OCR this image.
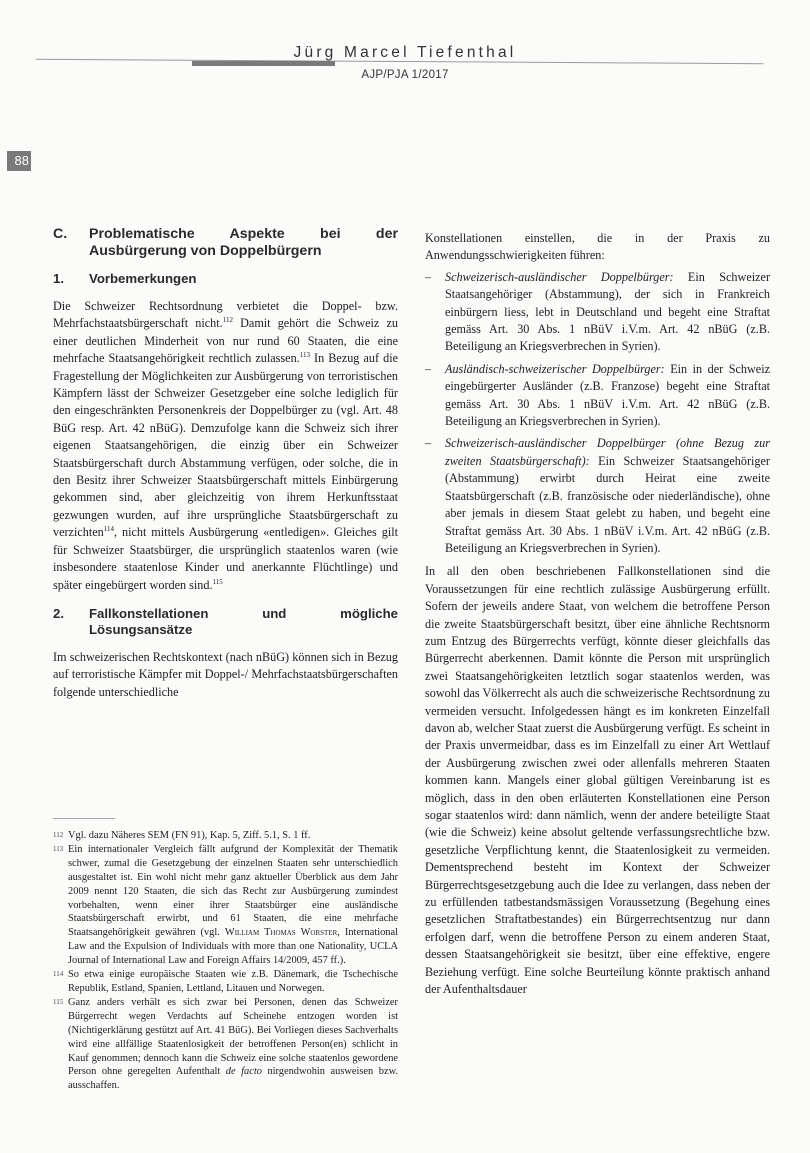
Jürg Marcel Tiefenthal
AJP/PJA 1/2017
88
C.	Problematische Aspekte bei der Ausbürgerung von Doppelbürgern
1.	Vorbemerkungen

Die Schweizer Rechtsordnung verbietet die Doppel- bzw. Mehrfachstaatsbürgerschaft nicht.$^{112}$ Damit gehört die Schweiz zu einer deutlichen Minderheit von nur rund 60 Staaten, die eine mehrfache Staatsangehörigkeit rechtlich zulassen.$^{113}$ In Bezug auf die Fragestellung der Möglichkeiten zur Ausbürgerung von terroristischen Kämpfern lässt der Schweizer Gesetzgeber eine solche lediglich für den eingeschränkten Personenkreis der Doppelbürger zu (vgl. Art. 48 BüG resp. Art. 42 nBüG). Demzufolge kann die Schweiz sich ihrer eigenen Staatsangehörigen, die einzig über ein Schweizer Staatsbürgerschaft durch Abstammung verfügen, oder solche, die in den Besitz ihrer Schweizer Staatsbürgerschaft mittels Einbürgerung gekommen sind, aber gleichzeitig von ihrem Herkunftsstaat gezwungen wurden, auf ihre ursprüngliche Staatsbürgerschaft zu verzichten$^{114}$, nicht mittels Ausbürgerung «entledigen». Gleiches gilt für Schweizer Staatsbürger, die ursprünglich staatenlos waren (wie insbesondere staatenlose Kinder und anerkannte Flüchtlinge) und später eingebürgert worden sind.$^{115}$

2.	Fallkonstellationen und mögliche Lösungsansätze

Im schweizerischen Rechtskontext (nach nBüG) können sich in Bezug auf terroristische Kämpfer mit Doppel-/ Mehrfachstaatsbürgerschaften folgende unterschiedliche

112 Vgl. dazu Näheres SEM (FN 91), Kap. 5, Ziff. 5.1, S. 1 ff.
113 Ein internationaler Vergleich fällt aufgrund der Komplexität der Thematik schwer, zumal die Gesetzgebung der einzelnen Staaten sehr unterschiedlich ausgestaltet ist. Ein wohl nicht mehr ganz aktueller Überblick aus dem Jahr 2009 nennt 120 Staaten, die sich das Recht zur Ausbürgerung zumindest vorbehalten, wenn einer ihrer Staatsbürger eine ausländische Staatsbürgerschaft erwirbt, und 61 Staaten, die eine mehrfache Staatsangehörigkeit gewähren (vgl. William Thomas Worster, International Law and the Expulsion of Individuals with more than one Nationality, UCLA Journal of International Law and Foreign Affairs 14/2009, 457 ff.).
114 So etwa einige europäische Staaten wie z.B. Dänemark, die Tschechische Republik, Estland, Spanien, Lettland, Litauen und Norwegen.
115 Ganz anders verhält es sich zwar bei Personen, denen das Schweizer Bürgerrecht wegen Verdachts auf Scheinehe entzogen worden ist (Nichtigerklärung gestützt auf Art. 41 BüG). Bei Vorliegen dieses Sachverhalts wird eine allfällige Staatenlosigkeit der betroffenen Person(en) schlicht in Kauf genommen; dennoch kann die Schweiz eine solche staatenlos gewordene Person ohne geregelten Aufenthalt de facto nirgendwohin ausweisen bzw. ausschaffen.

Konstellationen einstellen, die in der Praxis zu Anwendungsschwierigkeiten führen:

–	Schweizerisch-ausländischer Doppelbürger: Ein Schweizer Staatsangehöriger (Abstammung), der sich in Frankreich einbürgern liess, lebt in Deutschland und begeht eine Straftat gemäss Art. 30 Abs. 1 nBüV i.V.m. Art. 42 nBüG (z.B. Beteiligung an Kriegsverbrechen in Syrien).
–	Ausländisch-schweizerischer Doppelbürger: Ein in der Schweiz eingebürgerter Ausländer (z.B. Franzose) begeht eine Straftat gemäss Art. 30 Abs. 1 nBüV i.V.m. Art. 42 nBüG (z.B. Beteiligung an Kriegsverbrechen in Syrien).
–	Schweizerisch-ausländischer Doppelbürger (ohne Bezug zur zweiten Staatsbürgerschaft): Ein Schweizer Staatsangehöriger (Abstammung) erwirbt durch Heirat eine zweite Staatsbürgerschaft (z.B. französische oder niederländische), ohne aber jemals in diesem Staat gelebt zu haben, und begeht eine Straftat gemäss Art. 30 Abs. 1 nBüV i.V.m. Art. 42 nBüG (z.B. Beteiligung an Kriegsverbrechen in Syrien).

In all den oben beschriebenen Fallkonstellationen sind die Voraussetzungen für eine rechtlich zulässige Ausbürgerung erfüllt. Sofern der jeweils andere Staat, von welchem die betroffene Person die zweite Staatsbürgerschaft besitzt, über eine ähnliche Rechtsnorm zum Entzug des Bürgerrechts verfügt, könnte dieser gleichfalls das Bürgerrecht aberkennen. Damit könnte die Person mit ursprünglich zwei Staatsangehörigkeiten letztlich sogar staatenlos werden, was sowohl das Völkerrecht als auch die schweizerische Rechtsordnung zu vermeiden versucht. Infolgedessen hängt es im konkreten Einzelfall davon ab, welcher Staat zuerst die Ausbürgerung verfügt. Es scheint in der Praxis unvermeidbar, dass es im Einzelfall zu einer Art Wettlauf der Ausbürgerung zwischen zwei oder allenfalls mehreren Staaten kommen kann. Mangels einer global gültigen Vereinbarung ist es möglich, dass in den oben erläuterten Konstellationen eine Person sogar staatenlos wird: dann nämlich, wenn der andere beteiligte Staat (wie die Schweiz) keine absolut geltende verfassungsrechtliche bzw. gesetzliche Verpflichtung kennt, die Staatenlosigkeit zu vermeiden. Dementsprechend besteht im Kontext der Schweizer Bürgerrechtsgesetzgebung auch die Idee zu verlangen, dass neben der zu erfüllenden tatbestandsmässigen Voraussetzung (Begehung eines gesetzlichen Straftatbestandes) ein Bürgerrechtsentzug nur dann erfolgen darf, wenn die betroffene Person zu einem anderen Staat, dessen Staatsangehörigkeit sie besitzt, über eine effektive, engere Beziehung verfügt. Eine solche Beurteilung könnte praktisch anhand der Aufenthaltsdauer
